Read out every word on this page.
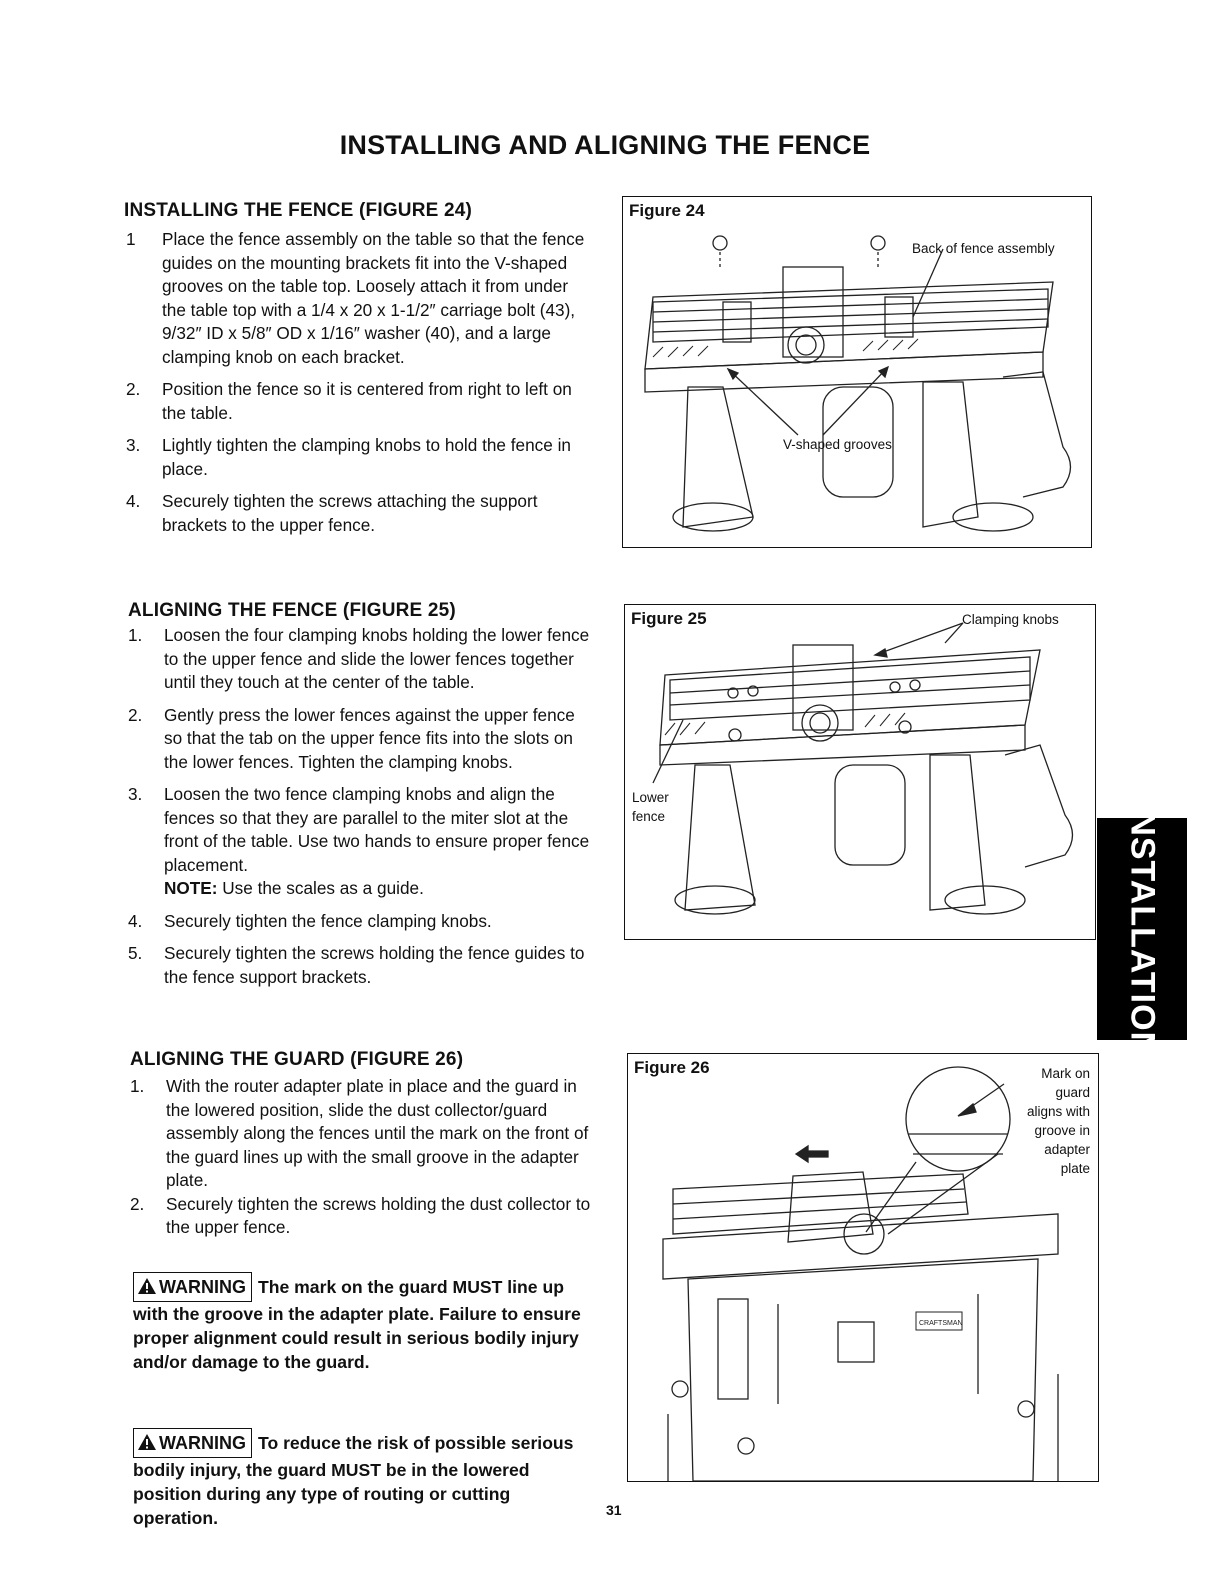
INSTALLING AND ALIGNING THE FENCE
INSTALLING THE FENCE (FIGURE 24)
1 Place the fence assembly on the table so that the fence guides on the mounting brackets fit into the V-shaped grooves on the table top. Loosely attach it from under the table top with a 1/4 x 20 x 1-1/2″ carriage bolt (43), 9/32″ ID x 5/8″ OD x 1/16″ washer (40), and a large clamping knob on each bracket.
2. Position the fence so it is centered from right to left on the table.
3. Lightly tighten the clamping knobs to hold the fence in place.
4. Securely tighten the screws attaching the support brackets to the upper fence.
ALIGNING THE FENCE (FIGURE 25)
1. Loosen the four clamping knobs holding the lower fence to the upper fence and slide the lower fences together until they touch at the center of the table.
2. Gently press the lower fences against the upper fence so that the tab on the upper fence fits into the slots on the lower fences. Tighten the clamping knobs.
3. Loosen the two fence clamping knobs and align the fences so that they are parallel to the miter slot at the front of the table. Use two hands to ensure proper fence placement.
NOTE: Use the scales as a guide.
4. Securely tighten the fence clamping knobs.
5. Securely tighten the screws holding the fence guides to the fence support brackets.
ALIGNING THE GUARD (FIGURE 26)
1. With the router adapter plate in place and the guard in the lowered position, slide the dust collector/guard assembly along the fences until the mark on the front of the guard lines up with the small groove in the adapter plate.
2. Securely tighten the screws holding the dust collector to the upper fence.
WARNING The mark on the guard MUST line up with the groove in the adapter plate. Failure to ensure proper alignment could result in serious bodily injury and/or damage to the guard.
WARNING To reduce the risk of possible serious bodily injury, the guard MUST be in the lowered position during any type of routing or cutting operation.
Figure 24
Back of fence assembly
V-shaped grooves
Figure 25	Clamping knobs
Lower
fence
Figure 26	Mark on
guard
aligns with
groove in
adapter
plate
CRAFTSMAN
INSTALLATION
31
